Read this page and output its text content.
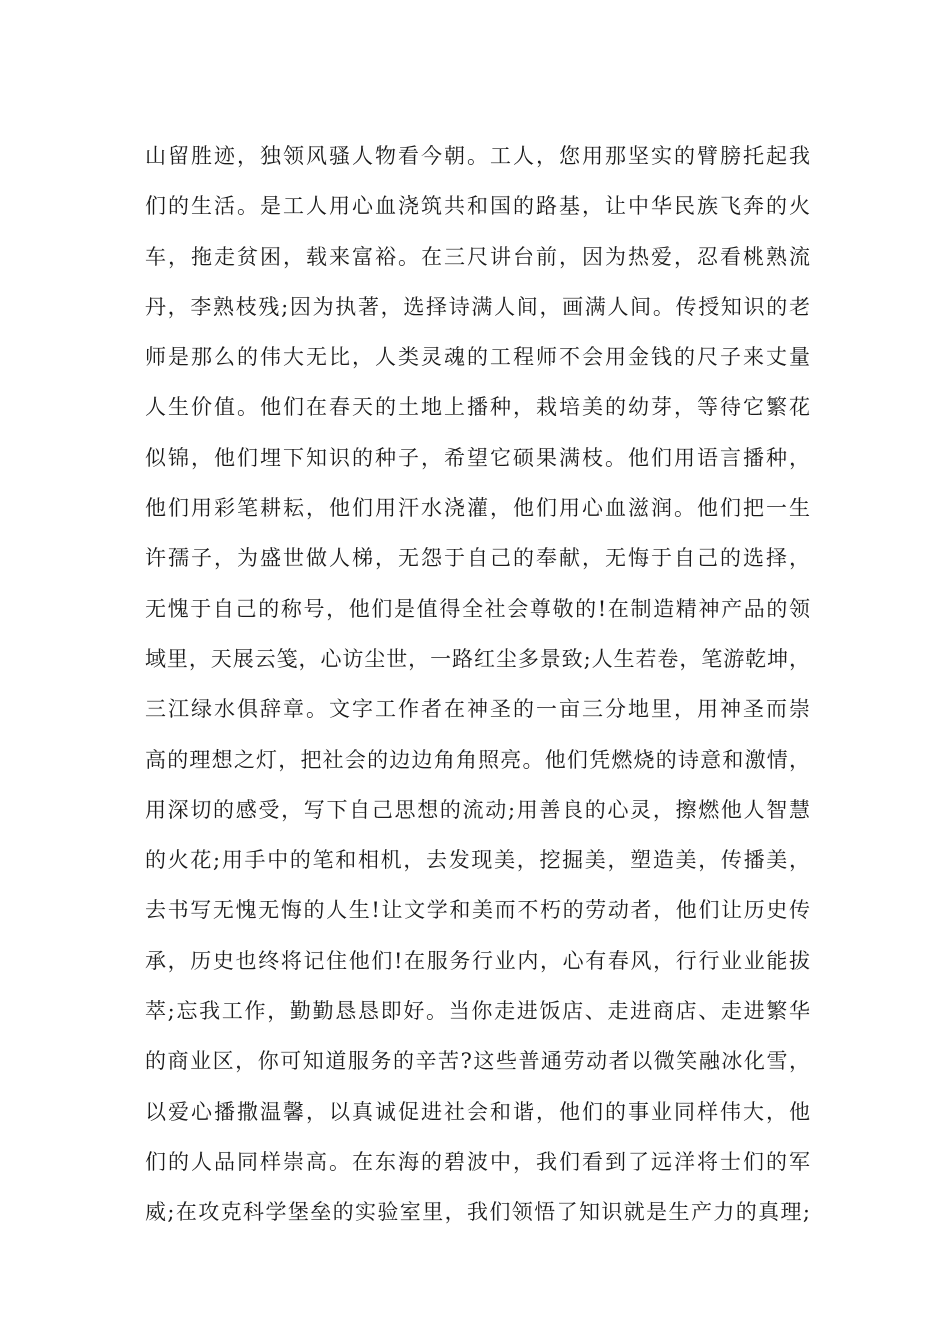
山留胜迹，独领风骚人物看今朝。工人，您用那坚实的臂膀托起我
们的生活。是工人用心血浇筑共和国的路基，让中华民族飞奔的火
车，拖走贫困，载来富裕。在三尺讲台前，因为热爱，忍看桃熟流
丹，李熟枝残;因为执著，选择诗满人间，画满人间。传授知识的老
师是那么的伟大无比，人类灵魂的工程师不会用金钱的尺子来丈量
人生价值。他们在春天的土地上播种，栽培美的幼芽，等待它繁花
似锦，他们埋下知识的种子，希望它硕果满枝。他们用语言播种，
他们用彩笔耕耘，他们用汗水浇灌，他们用心血滋润。他们把一生
许孺子，为盛世做人梯，无怨于自己的奉献，无悔于自己的选择，
无愧于自己的称号，他们是值得全社会尊敬的!在制造精神产品的领
域里，天展云笺，心访尘世，一路红尘多景致;人生若卷，笔游乾坤，
三江绿水俱辞章。文字工作者在神圣的一亩三分地里，用神圣而崇
高的理想之灯，把社会的边边角角照亮。他们凭燃烧的诗意和激情，
用深切的感受，写下自己思想的流动;用善良的心灵，擦燃他人智慧
的火花;用手中的笔和相机，去发现美，挖掘美，塑造美，传播美，
去书写无愧无悔的人生!让文学和美而不朽的劳动者，他们让历史传
承，历史也终将记住他们!在服务行业内，心有春风，行行业业能拔
萃;忘我工作，勤勤恳恳即好。当你走进饭店、走进商店、走进繁华
的商业区，你可知道服务的辛苦?这些普通劳动者以微笑融冰化雪，
以爱心播撒温馨，以真诚促进社会和谐，他们的事业同样伟大，他
们的人品同样崇高。在东海的碧波中，我们看到了远洋将士们的军
威;在攻克科学堡垒的实验室里，我们领悟了知识就是生产力的真理;
